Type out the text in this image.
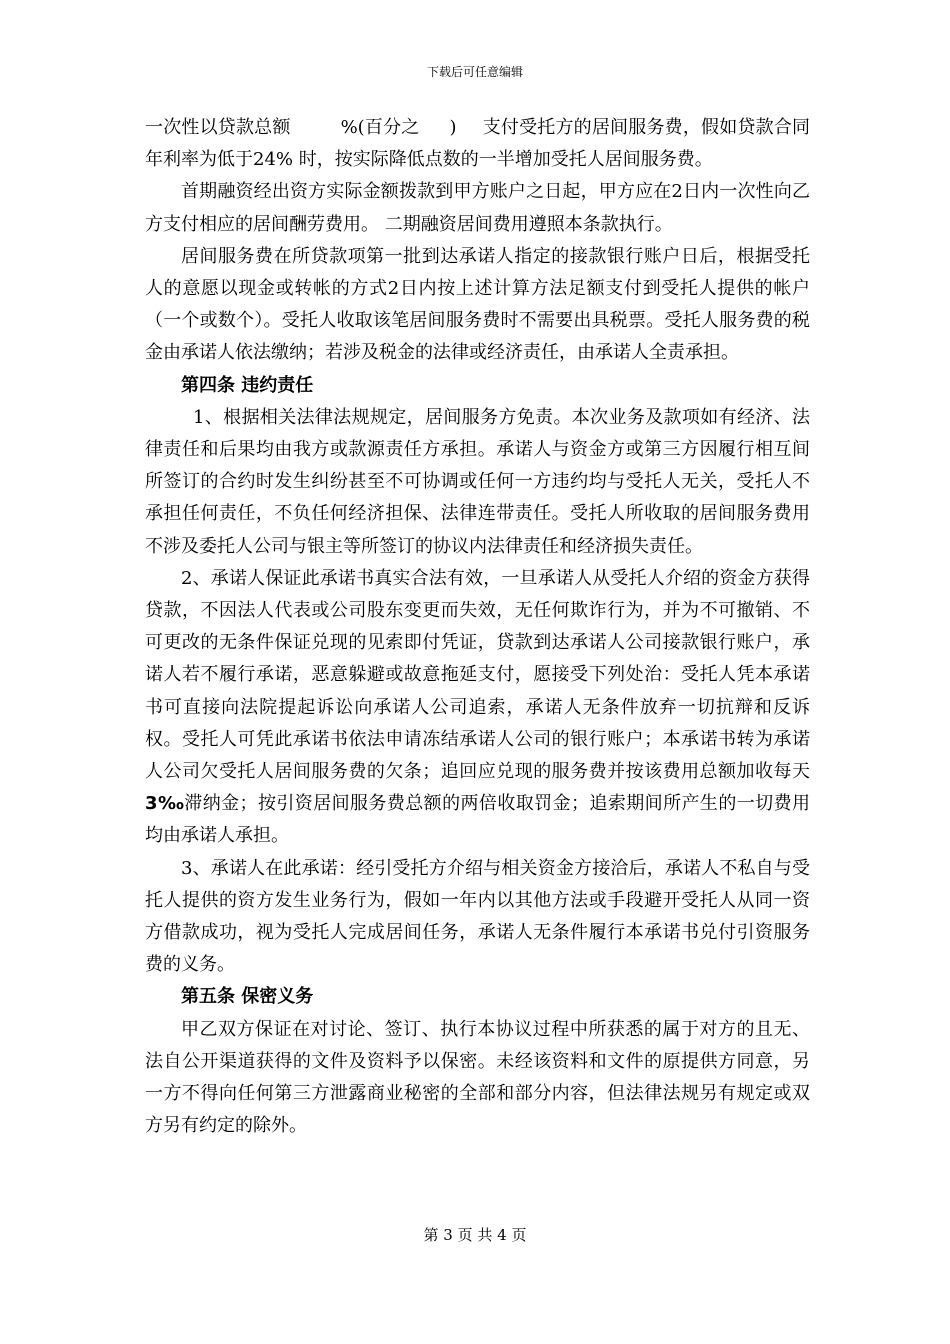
下载后可任意编辑

一次性以贷款总额	%(百分之 ) 支付受托方的居间服务费，假如贷款合同年利率为低于24% 时，按实际降低点数的一半增加受托人居间服务费。

首期融资经出资方实际金额拨款到甲方账户之日起，甲方应在2日内一次性向乙方支付相应的居间酬劳费用。 二期融资居间费用遵照本条款执行。

居间服务费在所贷款项第一批到达承诺人指定的接款银行账户日后，根据受托人的意愿以现金或转帐的方式2日内按上述计算方法足额支付到受托人提供的帐户（一个或数个）。受托人收取该笔居间服务费时不需要出具税票。受托人服务费的税金由承诺人依法缴纳；若涉及税金的法律或经济责任，由承诺人全责承担。

第四条 违约责任

1、根据相关法律法规规定，居间服务方免责。本次业务及款项如有经济、法律责任和后果均由我方或款源责任方承担。承诺人与资金方或第三方因履行相互间所签订的合约时发生纠纷甚至不可协调或任何一方违约均与受托人无关，受托人不承担任何责任，不负任何经济担保、法律连带责任。受托人所收取的居间服务费用不涉及委托人公司与银主等所签订的协议内法律责任和经济损失责任。

2、承诺人保证此承诺书真实合法有效，一旦承诺人从受托人介绍的资金方获得贷款，不因法人代表或公司股东变更而失效，无任何欺诈行为，并为不可撤销、不可更改的无条件保证兑现的见索即付凭证，贷款到达承诺人公司接款银行账户，承诺人若不履行承诺，恶意躲避或故意拖延支付，愿接受下列处治：受托人凭本承诺书可直接向法院提起诉讼向承诺人公司追索，承诺人无条件放弃一切抗辩和反诉权。受托人可凭此承诺书依法申请冻结承诺人公司的银行账户；本承诺书转为承诺人公司欠受托人居间服务费的欠条；追回应兑现的服务费并按该费用总额加收每天3‰滞纳金；按引资居间服务费总额的两倍收取罚金；追索期间所产生的一切费用均由承诺人承担。

3、承诺人在此承诺：经引受托方介绍与相关资金方接洽后，承诺人不私自与受托人提供的资方发生业务行为，假如一年内以其他方法或手段避开受托人从同一资方借款成功，视为受托人完成居间任务，承诺人无条件履行本承诺书兑付引资服务费的义务。

第五条 保密义务

甲乙双方保证在对讨论、签订、执行本协议过程中所获悉的属于对方的且无、法自公开渠道获得的文件及资料予以保密。未经该资料和文件的原提供方同意，另一方不得向任何第三方泄露商业秘密的全部和部分内容，但法律法规另有规定或双方另有约定的除外。

第 3 页 共 4 页
